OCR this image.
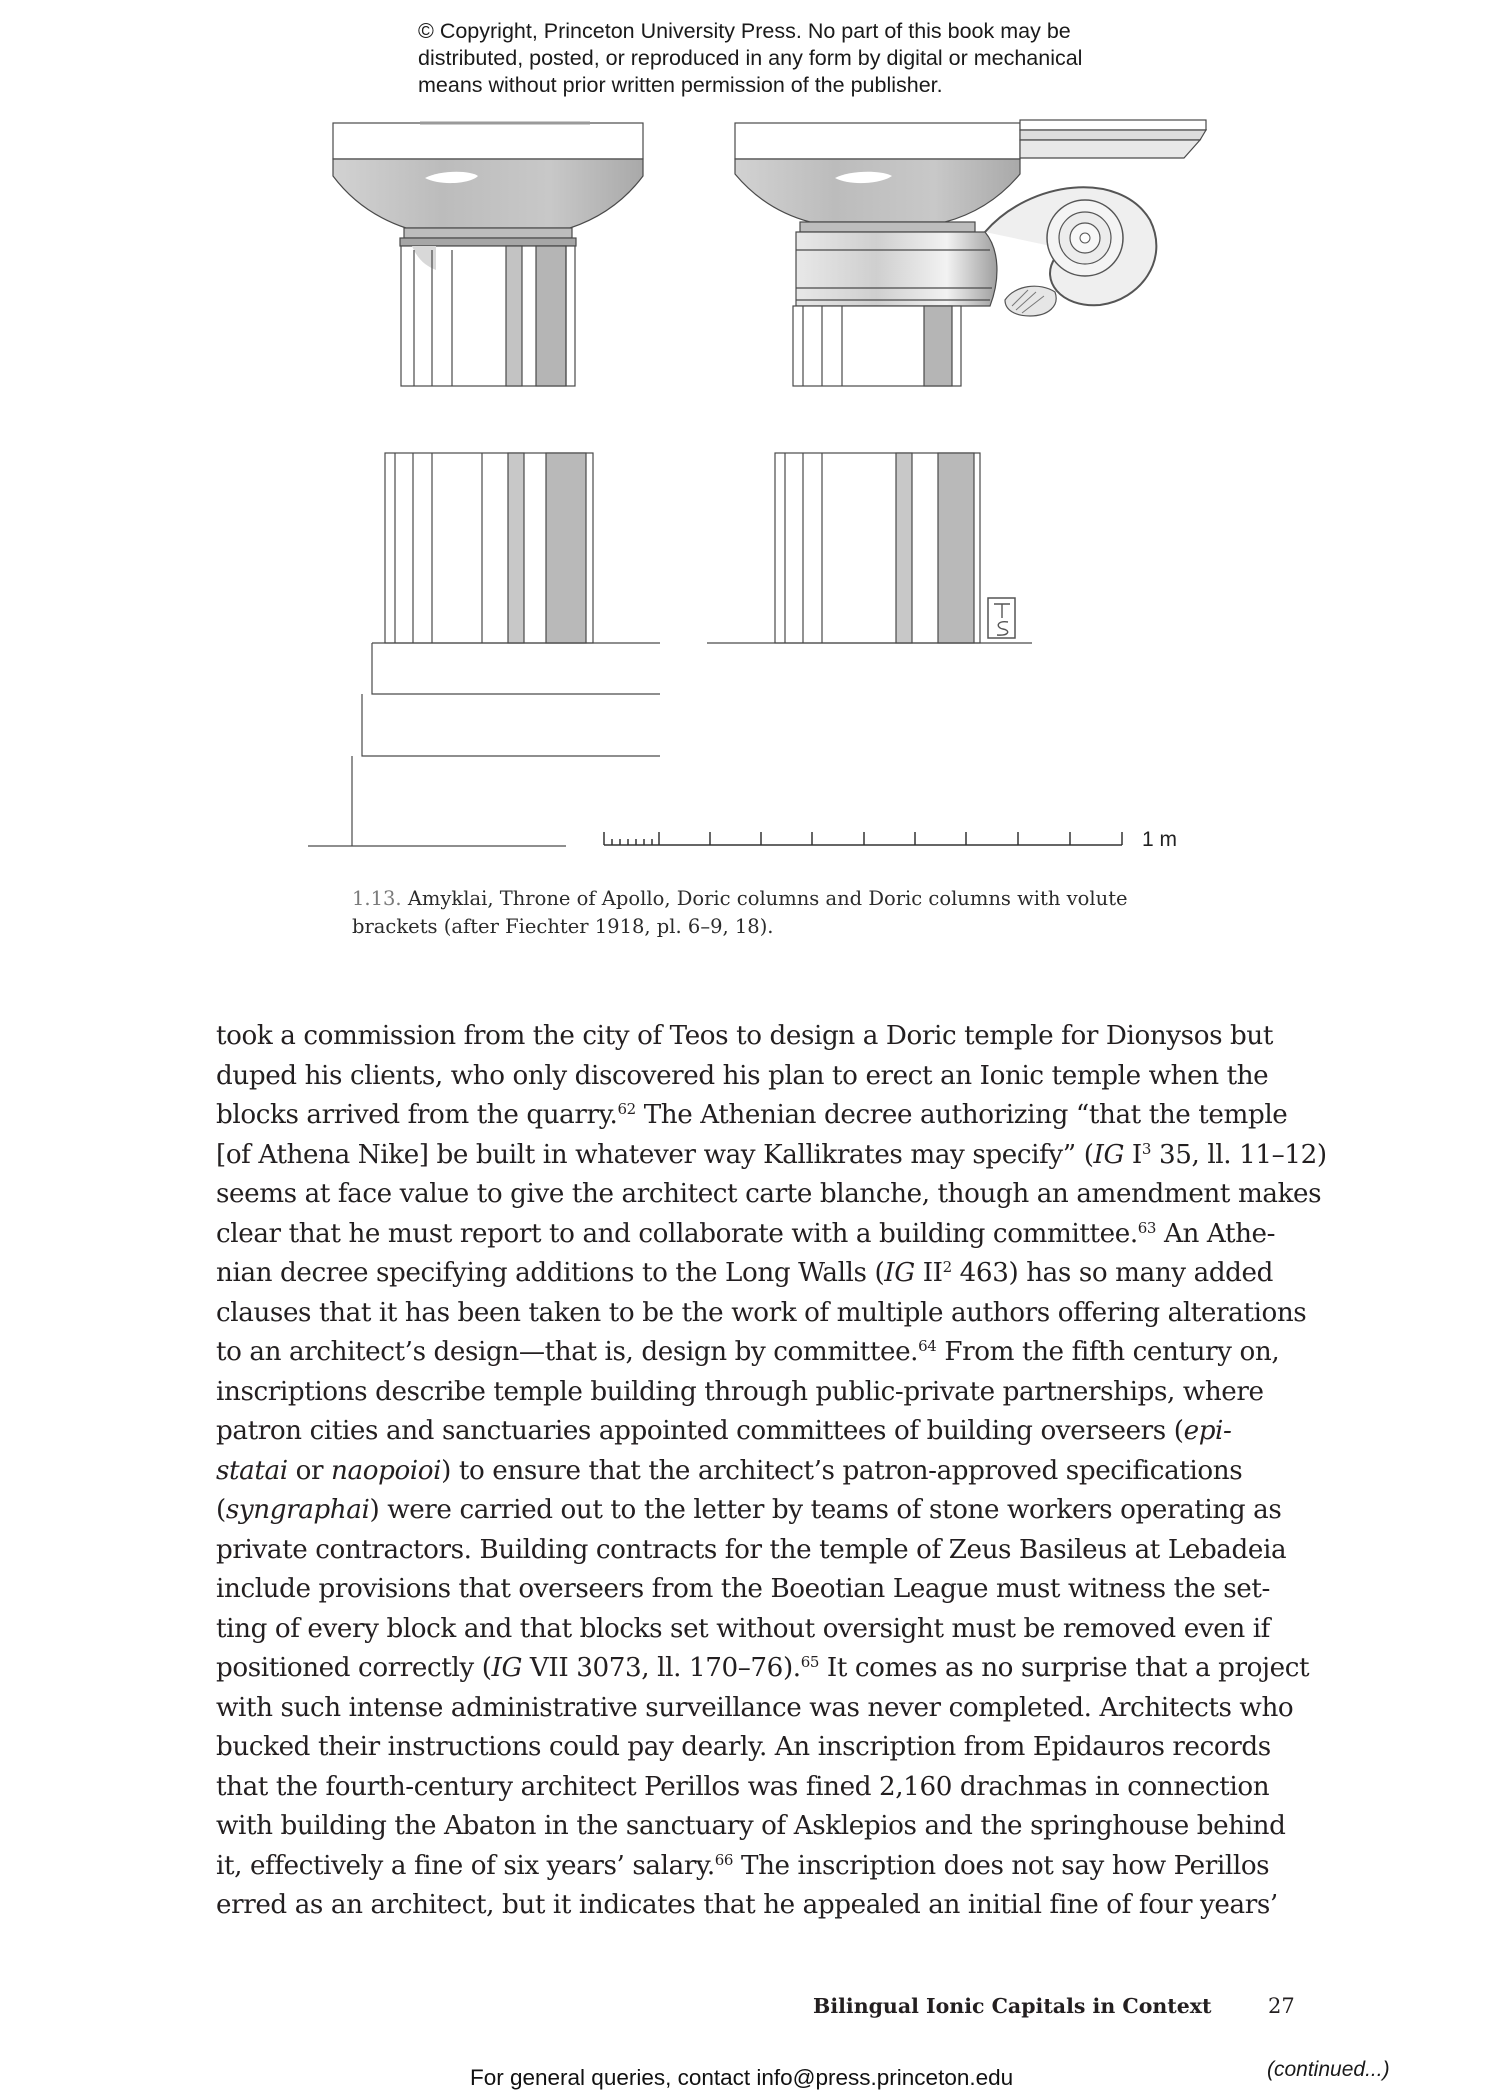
© Copyright, Princeton University Press. No part of this book may be
distributed, posted, or reproduced in any form by digital or mechanical
means without prior written permission of the publisher.
1 m
1.13. Amyklai, Throne of Apollo, Doric columns and Doric columns with volute
brackets (after Fiechter 1918, pl. 6–9, 18).
took a commission from the city of Teos to design a Doric temple for Dionysos but
duped his clients, who only discovered his plan to erect an Ionic temple when the
blocks arrived from the quarry.$^{62}$ The Athenian decree authorizing “that the temple
[of Athena Nike] be built in whatever way Kallikrates may specify” (IG $I^3$ 35, ll. 11–12)
seems at face value to give the architect carte blanche, though an amendment makes
clear that he must report to and collaborate with a building committee.$^{63}$ An Athe-
nian decree specifying additions to the Long Walls (IG $II^2$ 463) has so many added
clauses that it has been taken to be the work of multiple authors offering alterations
to an architect’s design—that is, design by committee.$^{64}$ From the fifth century on,
inscriptions describe temple building through public-private partnerships, where
patron cities and sanctuaries appointed committees of building overseers (epi-
statai or naopoioi) to ensure that the architect’s patron-approved specifications
(syngraphai) were carried out to the letter by teams of stone workers operating as
private contractors. Building contracts for the temple of Zeus Basileus at Lebadeia
include provisions that overseers from the Boeotian League must witness the set-
ting of every block and that blocks set without oversight must be removed even if
positioned correctly (IG VII 3073, ll. 170–76).$^{65}$ It comes as no surprise that a project
with such intense administrative surveillance was never completed. Architects who
bucked their instructions could pay dearly. An inscription from Epidauros records
that the fourth-century architect Perillos was fined 2,160 drachmas in connection
with building the Abaton in the sanctuary of Asklepios and the springhouse behind
it, effectively a fine of six years’ salary.$^{66}$ The inscription does not say how Perillos
erred as an architect, but it indicates that he appealed an initial fine of four years’
Bilingual Ionic Capitals in Context	27
(continued...)
For general queries, contact info@press.princeton.edu
